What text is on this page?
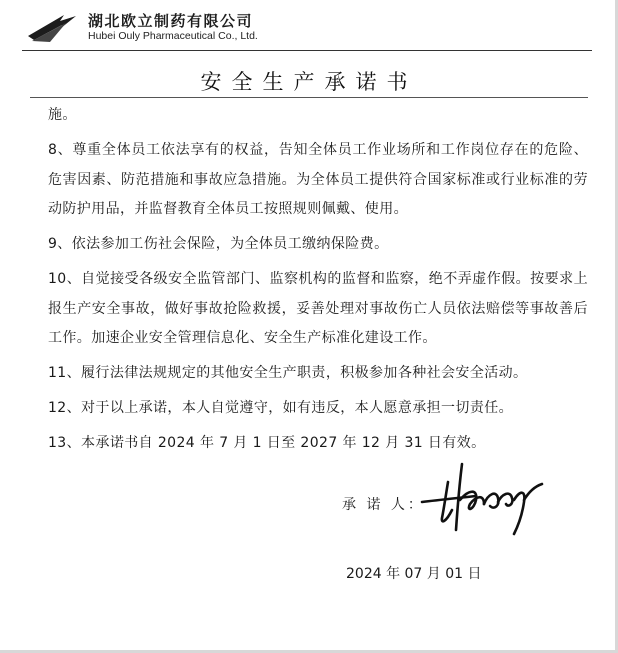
湖北欧立制药有限公司
Hubei Ouly Pharmaceutical Co., Ltd.
安全生产承诺书

施。

8、尊重全体员工依法享有的权益，告知全体员工作业场所和工作岗位存在的危险、危害因素、防范措施和事故应急措施。为全体员工提供符合国家标准或行业标准的劳动防护用品，并监督教育全体员工按照规则佩戴、使用。

9、依法参加工伤社会保险，为全体员工缴纳保险费。

10、自觉接受各级安全监管部门、监察机构的监督和监察，绝不弄虚作假。按要求上报生产安全事故，做好事故抢险救援，妥善处理对事故伤亡人员依法赔偿等事故善后工作。加速企业安全管理信息化、安全生产标准化建设工作。

11、履行法律法规规定的其他安全生产职责，积极参加各种社会安全活动。

12、对于以上承诺，本人自觉遵守，如有违反，本人愿意承担一切责任。

13、本承诺书自 2024 年 7 月 1 日至 2027 年 12 月 31 日有效。

承 诺 人：
2024 年 07 月 01 日
